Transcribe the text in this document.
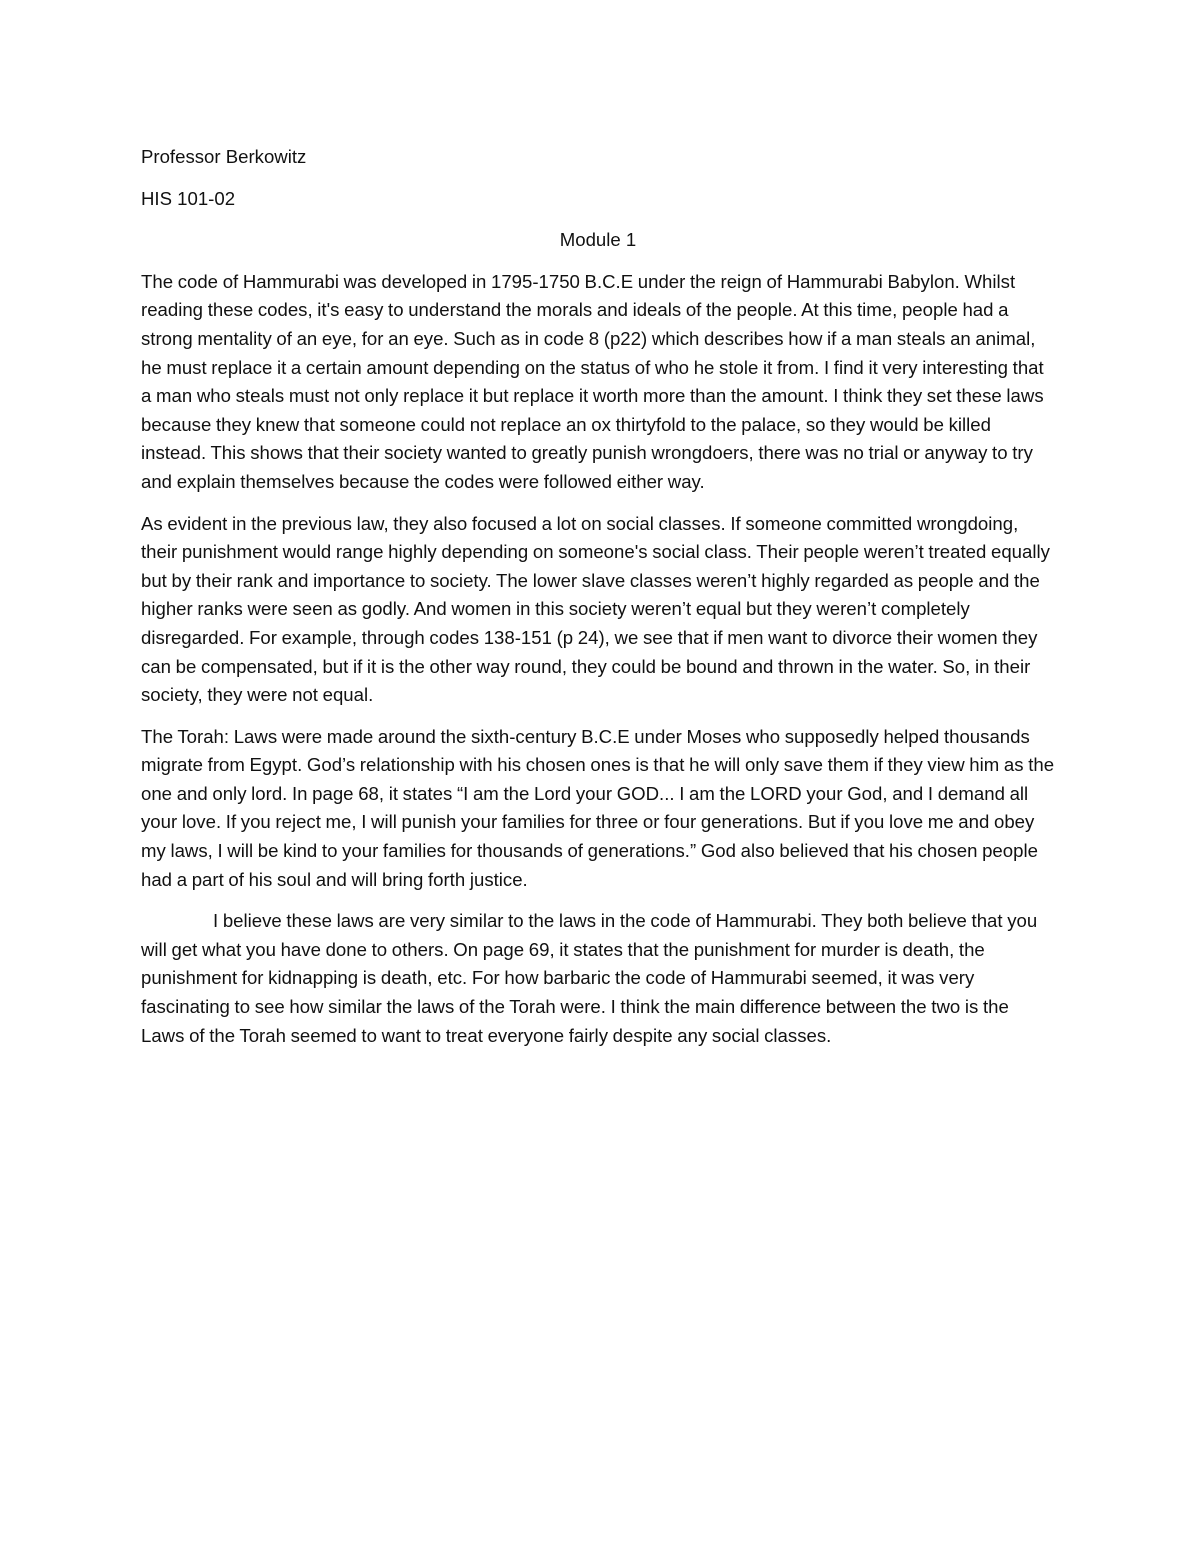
Professor Berkowitz

HIS 101-02

Module 1

The code of Hammurabi was developed in 1795-1750 B.C.E under the reign of Hammurabi Babylon. Whilst reading these codes, it's easy to understand the morals and ideals of the people. At this time, people had a strong mentality of an eye, for an eye. Such as in code 8 (p22) which describes how if a man steals an animal, he must replace it a certain amount depending on the status of who he stole it from. I find it very interesting that a man who steals must not only replace it but replace it worth more than the amount. I think they set these laws because they knew that someone could not replace an ox thirtyfold to the palace, so they would be killed instead. This shows that their society wanted to greatly punish wrongdoers, there was no trial or anyway to try and explain themselves because the codes were followed either way.

As evident in the previous law, they also focused a lot on social classes. If someone committed wrongdoing, their punishment would range highly depending on someone's social class. Their people weren’t treated equally but by their rank and importance to society. The lower slave classes weren’t highly regarded as people and the higher ranks were seen as godly. And women in this society weren’t equal but they weren’t completely disregarded. For example, through codes 138-151 (p 24), we see that if men want to divorce their women they can be compensated, but if it is the other way round, they could be bound and thrown in the water. So, in their society, they were not equal.

The Torah: Laws were made around the sixth-century B.C.E under Moses who supposedly helped thousands migrate from Egypt. God’s relationship with his chosen ones is that he will only save them if they view him as the one and only lord. In page 68, it states “I am the Lord your GOD... I am the LORD your God, and I demand all your love. If you reject me, I will punish your families for three or four generations. But if you love me and obey my laws, I will be kind to your families for thousands of generations.” God also believed that his chosen people had a part of his soul and will bring forth justice.

I believe these laws are very similar to the laws in the code of Hammurabi. They both believe that you will get what you have done to others. On page 69, it states that the punishment for murder is death, the punishment for kidnapping is death, etc. For how barbaric the code of Hammurabi seemed, it was very fascinating to see how similar the laws of the Torah were. I think the main difference between the two is the Laws of the Torah seemed to want to treat everyone fairly despite any social classes.
